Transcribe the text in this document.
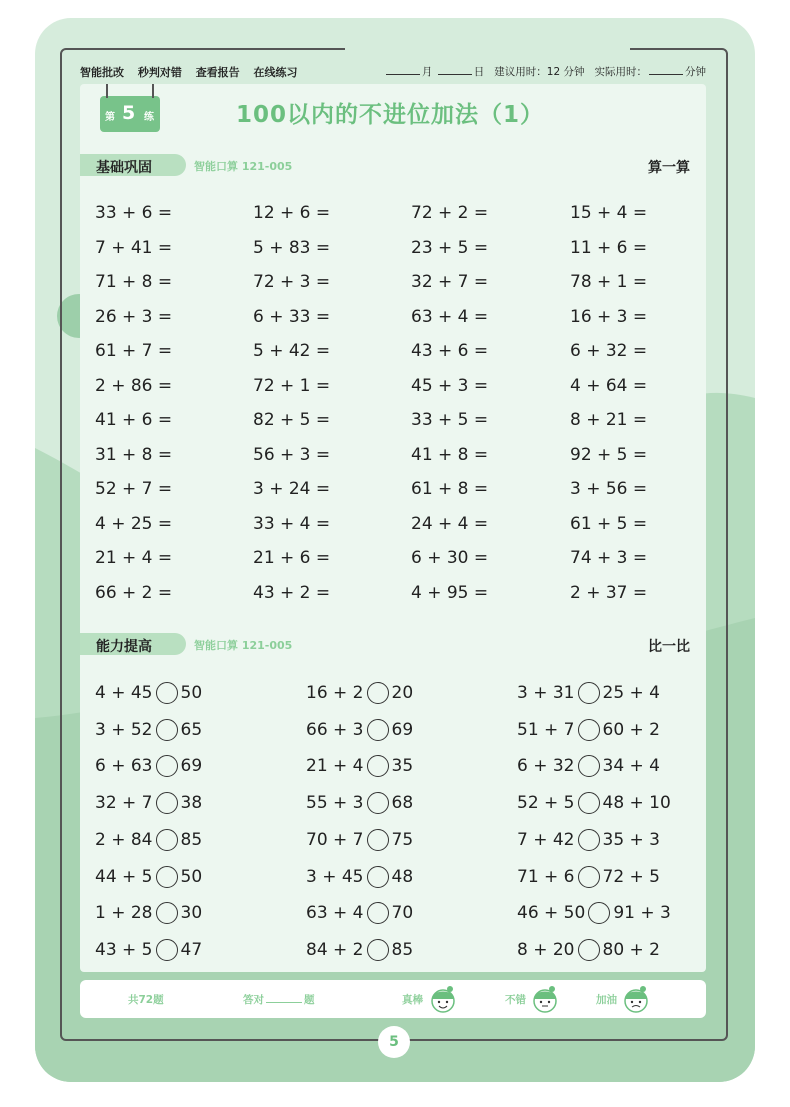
智能批改 秒判对错 查看报告 在线练习	月	日 建议用时：12 分钟 实际用时：	分钟
第 5 练	100以内的不进位加法（1）
基础巩固	智能口算 121-005	算一算
33 + 6 =	12 + 6 =	72 + 2 =	15 + 4 =
7 + 41 =	5 + 83 =	23 + 5 =	11 + 6 =
71 + 8 =	72 + 3 =	32 + 7 =	78 + 1 =
26 + 3 =	6 + 33 =	63 + 4 =	16 + 3 =
61 + 7 =	5 + 42 =	43 + 6 =	6 + 32 =
2 + 86 =	72 + 1 =	45 + 3 =	4 + 64 =
41 + 6 =	82 + 5 =	33 + 5 =	8 + 21 =
31 + 8 =	56 + 3 =	41 + 8 =	92 + 5 =
52 + 7 =	3 + 24 =	61 + 8 =	3 + 56 =
4 + 25 =	33 + 4 =	24 + 4 =	61 + 5 =
21 + 4 =	21 + 6 =	6 + 30 =	74 + 3 =
66 + 2 =	43 + 2 =	4 + 95 =	2 + 37 =
能力提高	智能口算 121-005	比一比
4 + 45 50	16 + 2 20	3 + 31 25 + 4
3 + 52 65	66 + 3 69	51 + 7 60 + 2
6 + 63 69	21 + 4 35	6 + 32 34 + 4
32 + 7 38	55 + 3 68	52 + 5 48 + 10
2 + 84 85	70 + 7 75	7 + 42 35 + 3
44 + 5 50	3 + 45 48	71 + 6 72 + 5
1 + 28 30	63 + 4 70	46 + 50 91 + 3
43 + 5 47	84 + 2 85	8 + 20 80 + 2
共72题	答对	题	真棒	不错	加油
5
